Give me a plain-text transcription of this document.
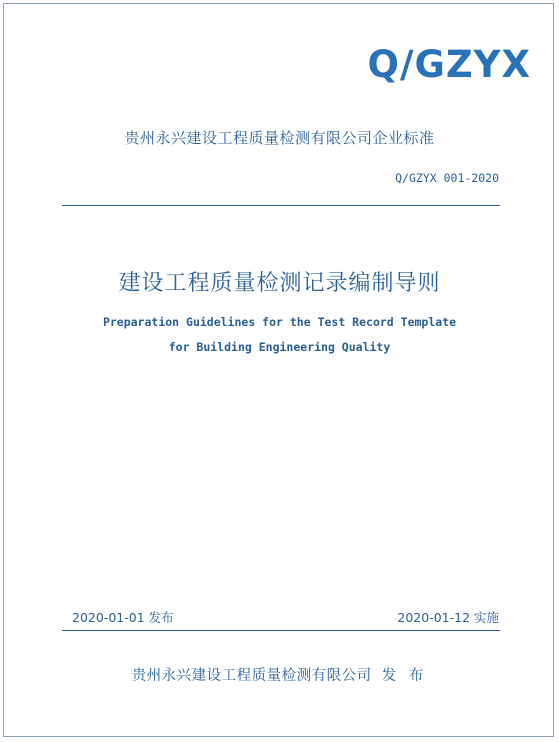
Q/GZYX
贵州永兴建设工程质量检测有限公司企业标准
Q/GZYX 001-2020
建设工程质量检测记录编制导则
Preparation Guidelines for the Test Record Template
for Building Engineering Quality
2020-01-01 发布	2020-01-12 实施
贵州永兴建设工程质量检测有限公司 发 布
